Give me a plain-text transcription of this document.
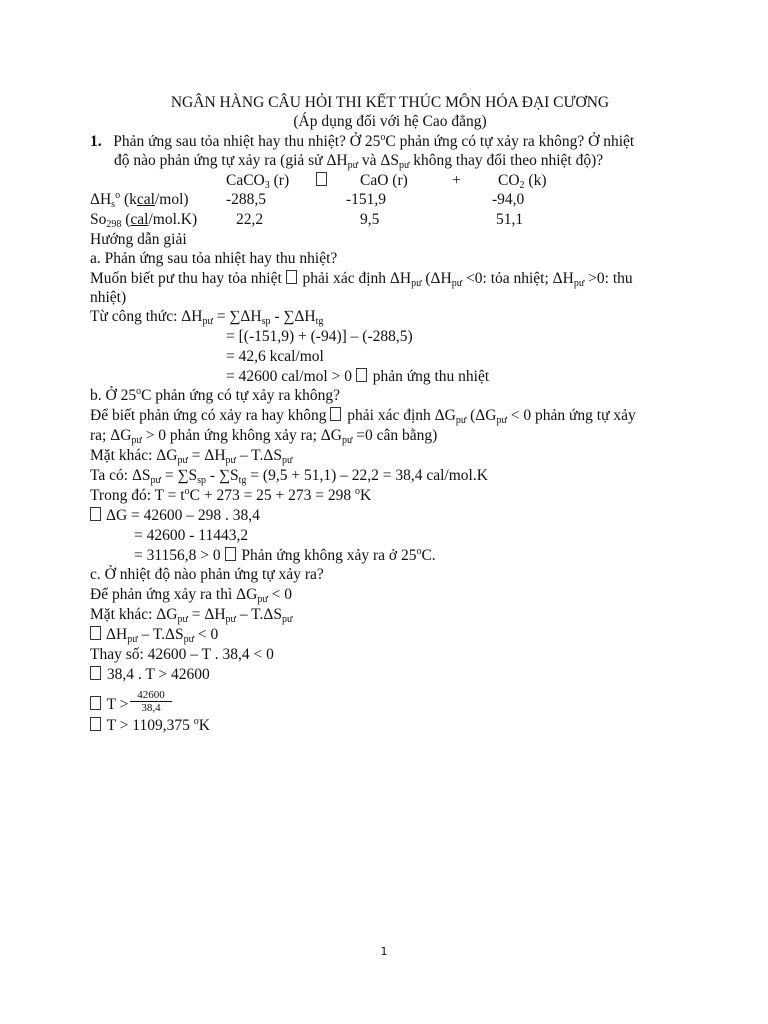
NGÂN HÀNG CÂU HỎI THI KẾT THÚC MÔN HÓA ĐẠI CƯƠNG
(Áp dụng đối với hệ Cao đẳng)
1. Phản ứng sau tỏa nhiệt hay thu nhiệt? Ở 25$^o$C phản ứng có tự xảy ra không? Ở nhiệt
độ nào phản ứng tự xảy ra (giả sử $\Delta H_{pư}$ và $\Delta S_{pư}$ không thay đổi theo nhiệt độ)?
CaCO$_3$ (r)	CaO (r)	+ $CO_2$ (k)
$\Delta H_s^o$ (kcal/mol) -288,5	-151,9	-94,0
$So_{298}$ (cal/mol.K)	22,2	9,5	51,1
Hướng dẫn giải
a. Phản ứng sau tỏa nhiệt hay thu nhiệt?
Muốn biết pư thu hay tỏa nhiệt  phải xác định $\Delta H_{pư}$ ($\Delta H_{pư} <0$: tỏa nhiệt; $\Delta H_{pư} >0$: thu
nhiệt)
Từ công thức: $\Delta H_{pư} = \sum\Delta H_{sp} - \sum\Delta H_{tg}$
= [(-151,9) + (-94)] – (-288,5)
= 42,6 kcal/mol
= 42600 cal/mol > 0  phản ứng thu nhiệt
b. Ở 25$^o$C phản ứng có tự xảy ra không?
Để biết phản ứng có xảy ra hay không  phải xác định $\Delta G_{pư}$ ($\Delta G_{pư} < 0$ phản ứng tự xảy
ra; $\Delta G_{pư} > 0$ phản ứng không xảy ra; $\Delta G_{pư} =0$ cân bằng)
Mặt khác: $\Delta G_{pư} = \Delta H_{pư} - T.\Delta S_{pư}$
Ta có: $\Delta S_{pư} = \sum S_{sp} - \sum S_{tg} = (9,5 + 51,1) - 22,2 = 38,4$ cal/mol.K
Trong đó: $T = t^oC + 273 = 25 + 273 = 298$ $^o$K
ΔG = 42600 – 298 . 38,4
= 42600 - 11443,2
= 31156,8 > 0  Phản ứng không xảy ra ở 25$^o$C.
c. Ở nhiệt độ nào phản ứng tự xảy ra?
Để phản ứng xảy ra thì $\Delta G_{pư} < 0$
Mặt khác: $\Delta G_{pư} = \Delta H_{pư} - T.\Delta S_{pư}$
$\Delta H_{pư} - T.\Delta S_{pư} < 0$
Thay số: 42600 – T . 38,4 < 0
38,4 . T > 42600
$T > \frac{42600}{38,4}$
T > 1109,375 $^o$K
1
